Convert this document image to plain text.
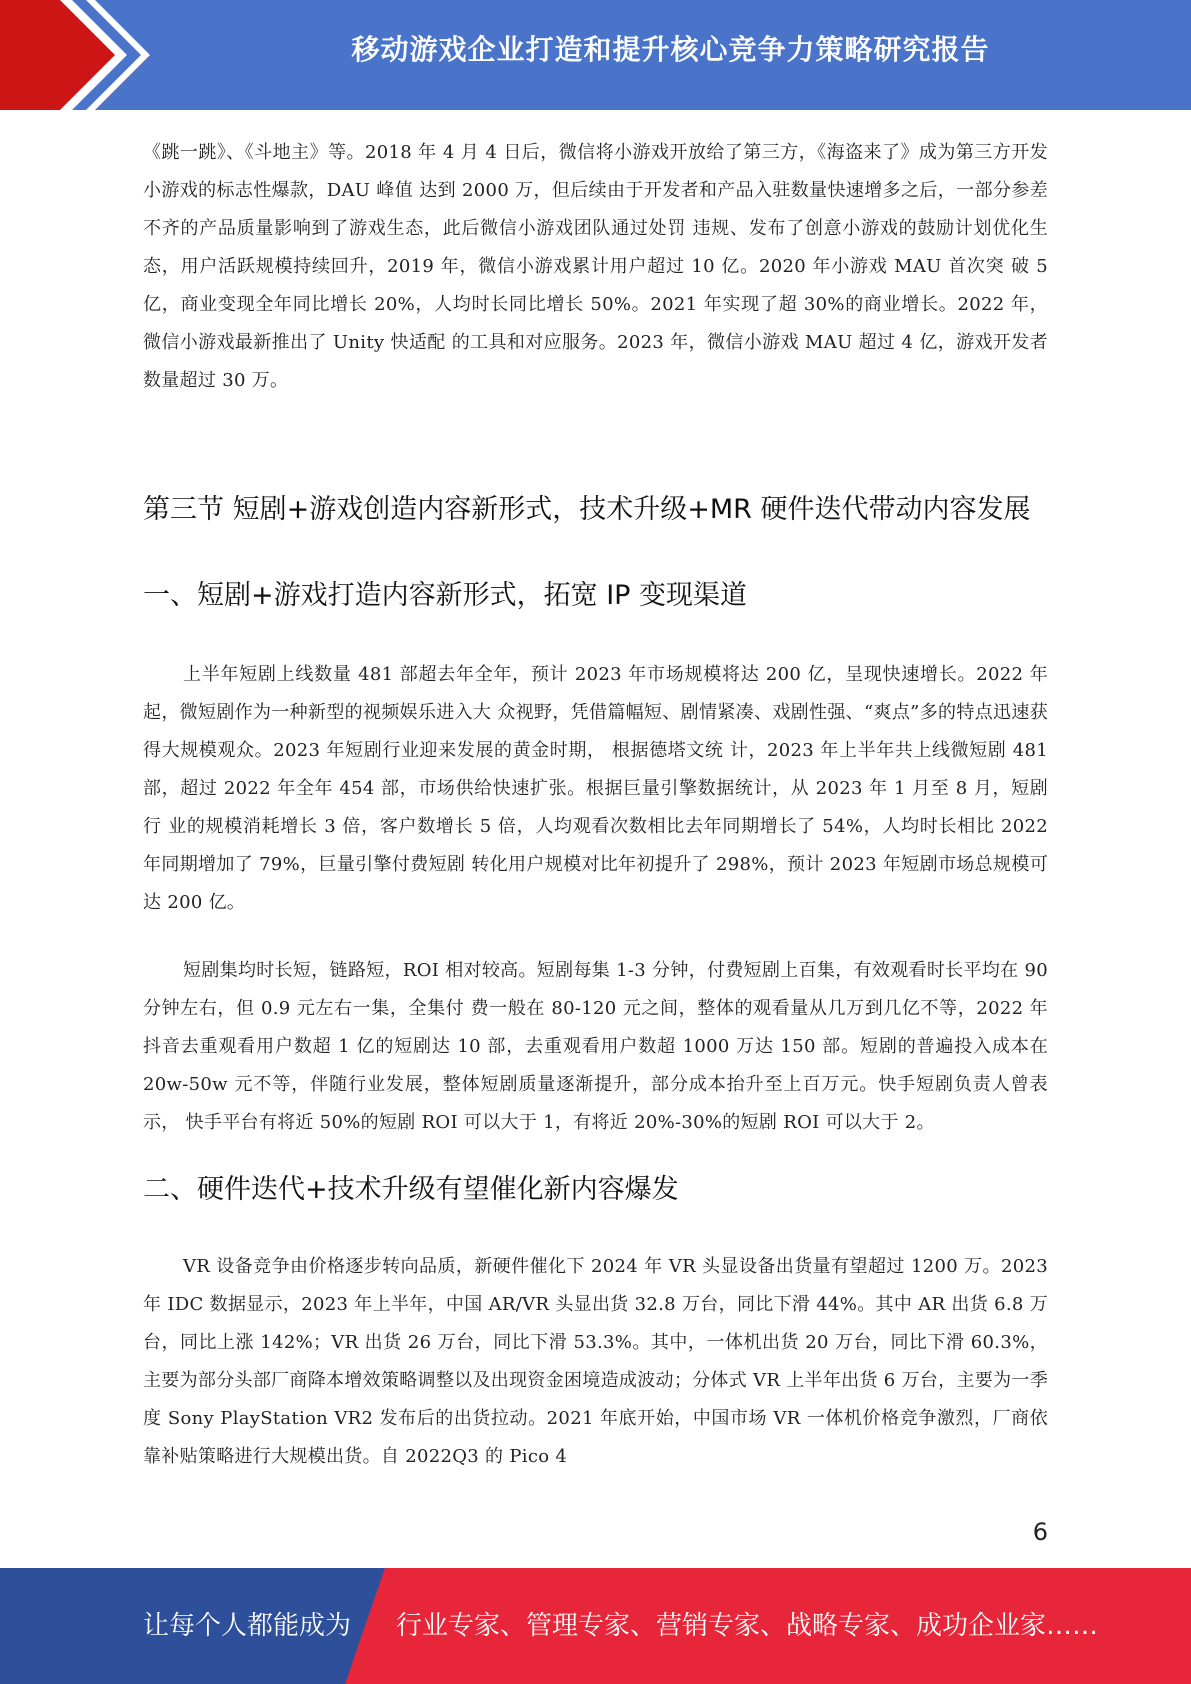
移动游戏企业打造和提升核心竞争力策略研究报告

《跳一跳》、《斗地主》等。2018 年 4 月 4 日后，微信将小游戏开放给了第三方，《海盗来了》成为第三方开发小游戏的标志性爆款，DAU 峰值 达到 2000 万，但后续由于开发者和产品入驻数量快速增多之后，一部分参差不齐的产品质量影响到了游戏生态，此后微信小游戏团队通过处罚 违规、发布了创意小游戏的鼓励计划优化生态，用户活跃规模持续回升，2019 年，微信小游戏累计用户超过 10 亿。2020 年小游戏 MAU 首次突 破 5 亿，商业变现全年同比增长 20%，人均时长同比增长 50%。2021 年实现了超 30%的商业增长。2022 年，微信小游戏最新推出了 Unity 快适配 的工具和对应服务。2023 年，微信小游戏 MAU 超过 4 亿，游戏开发者数量超过 30 万。

第三节 短剧+游戏创造内容新形式，技术升级+MR 硬件迭代带动内容发展
一、短剧+游戏打造内容新形式，拓宽 IP 变现渠道

上半年短剧上线数量 481 部超去年全年，预计 2023 年市场规模将达 200 亿，呈现快速增长。2022 年起，微短剧作为一种新型的视频娱乐进入大 众视野，凭借篇幅短、剧情紧凑、戏剧性强、“爽点”多的特点迅速获得大规模观众。2023 年短剧行业迎来发展的黄金时期， 根据德塔文统 计，2023 年上半年共上线微短剧 481 部，超过 2022 年全年 454 部，市场供给快速扩张。根据巨量引擎数据统计，从 2023 年 1 月至 8 月，短剧行 业的规模消耗增长 3 倍，客户数增长 5 倍，人均观看次数相比去年同期增长了 54%，人均时长相比 2022 年同期增加了 79%，巨量引擎付费短剧 转化用户规模对比年初提升了 298%，预计 2023 年短剧市场总规模可达 200 亿。

短剧集均时长短，链路短，ROI 相对较高。短剧每集 1-3 分钟，付费短剧上百集，有效观看时长平均在 90 分钟左右，但 0.9 元左右一集，全集付 费一般在 80-120 元之间，整体的观看量从几万到几亿不等，2022 年抖音去重观看用户数超 1 亿的短剧达 10 部，去重观看用户数超 1000 万达 150 部。短剧的普遍投入成本在 20w-50w 元不等，伴随行业发展，整体短剧质量逐渐提升，部分成本抬升至上百万元。快手短剧负责人曾表示， 快手平台有将近 50%的短剧 ROI 可以大于 1，有将近 20%-30%的短剧 ROI 可以大于 2。

二、硬件迭代+技术升级有望催化新内容爆发

VR 设备竞争由价格逐步转向品质，新硬件催化下 2024 年 VR 头显设备出货量有望超过 1200 万。2023 年 IDC 数据显示，2023 年上半年，中国 AR/VR 头显出货 32.8 万台，同比下滑 44%。其中 AR 出货 6.8 万台，同比上涨 142%；VR 出货 26 万台，同比下滑 53.3%。其中，一体机出货 20 万台，同比下滑 60.3%，主要为部分头部厂商降本增效策略调整以及出现资金困境造成波动；分体式 VR 上半年出货 6 万台，主要为一季度 Sony PlayStation VR2 发布后的出货拉动。2021 年底开始，中国市场 VR 一体机价格竞争激烈，厂商依靠补贴策略进行大规模出货。自 2022Q3 的 Pico 4

6
让每个人都能成为 行业专家、管理专家、营销专家、战略专家、成功企业家……
